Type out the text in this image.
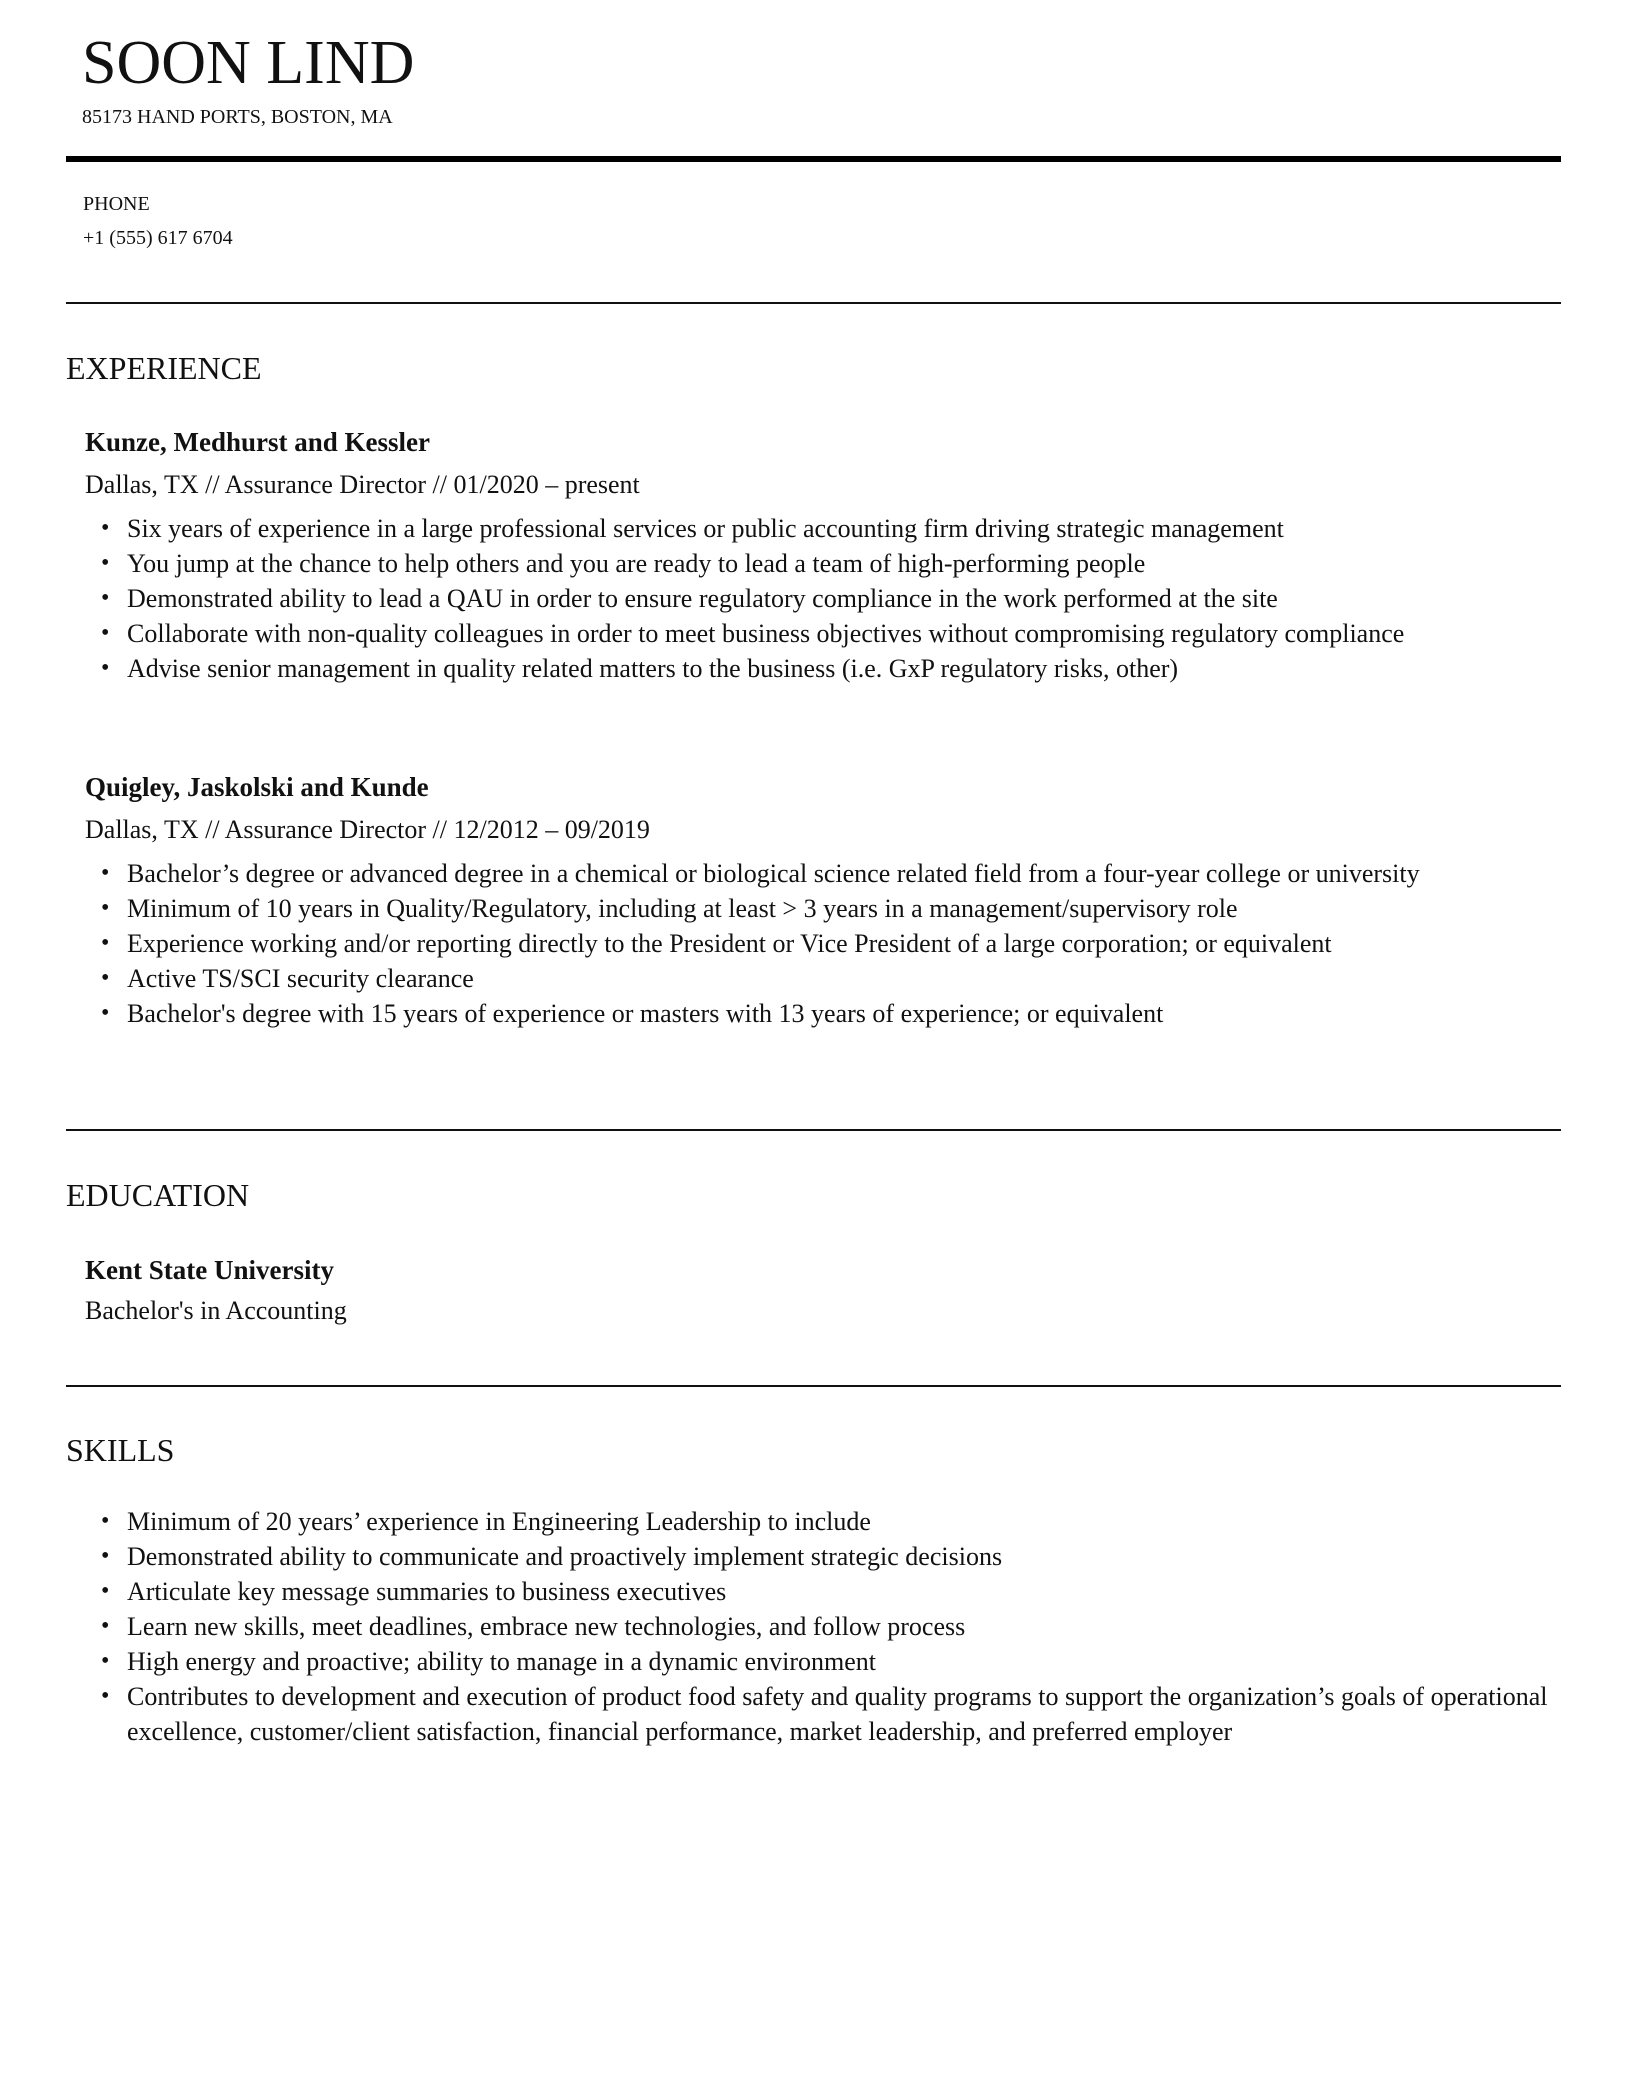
SOON LIND
85173 HAND PORTS, BOSTON, MA
PHONE
+1 (555) 617 6704
EXPERIENCE
Kunze, Medhurst and Kessler
Dallas, TX // Assurance Director // 01/2020 – present
• Six years of experience in a large professional services or public accounting firm driving strategic management
• You jump at the chance to help others and you are ready to lead a team of high-performing people
• Demonstrated ability to lead a QAU in order to ensure regulatory compliance in the work performed at the site
• Collaborate with non-quality colleagues in order to meet business objectives without compromising regulatory compliance
• Advise senior management in quality related matters to the business (i.e. GxP regulatory risks, other)
Quigley, Jaskolski and Kunde
Dallas, TX // Assurance Director // 12/2012 – 09/2019
• Bachelor’s degree or advanced degree in a chemical or biological science related field from a four-year college or university
• Minimum of 10 years in Quality/Regulatory, including at least > 3 years in a management/supervisory role
• Experience working and/or reporting directly to the President or Vice President of a large corporation; or equivalent
• Active TS/SCI security clearance
• Bachelor's degree with 15 years of experience or masters with 13 years of experience; or equivalent
EDUCATION
Kent State University
Bachelor's in Accounting
SKILLS
• Minimum of 20 years’ experience in Engineering Leadership to include
• Demonstrated ability to communicate and proactively implement strategic decisions
• Articulate key message summaries to business executives
• Learn new skills, meet deadlines, embrace new technologies, and follow process
• High energy and proactive; ability to manage in a dynamic environment
• Contributes to development and execution of product food safety and quality programs to support the organization’s goals of operational excellence, customer/client satisfaction, financial performance, market leadership, and preferred employer
